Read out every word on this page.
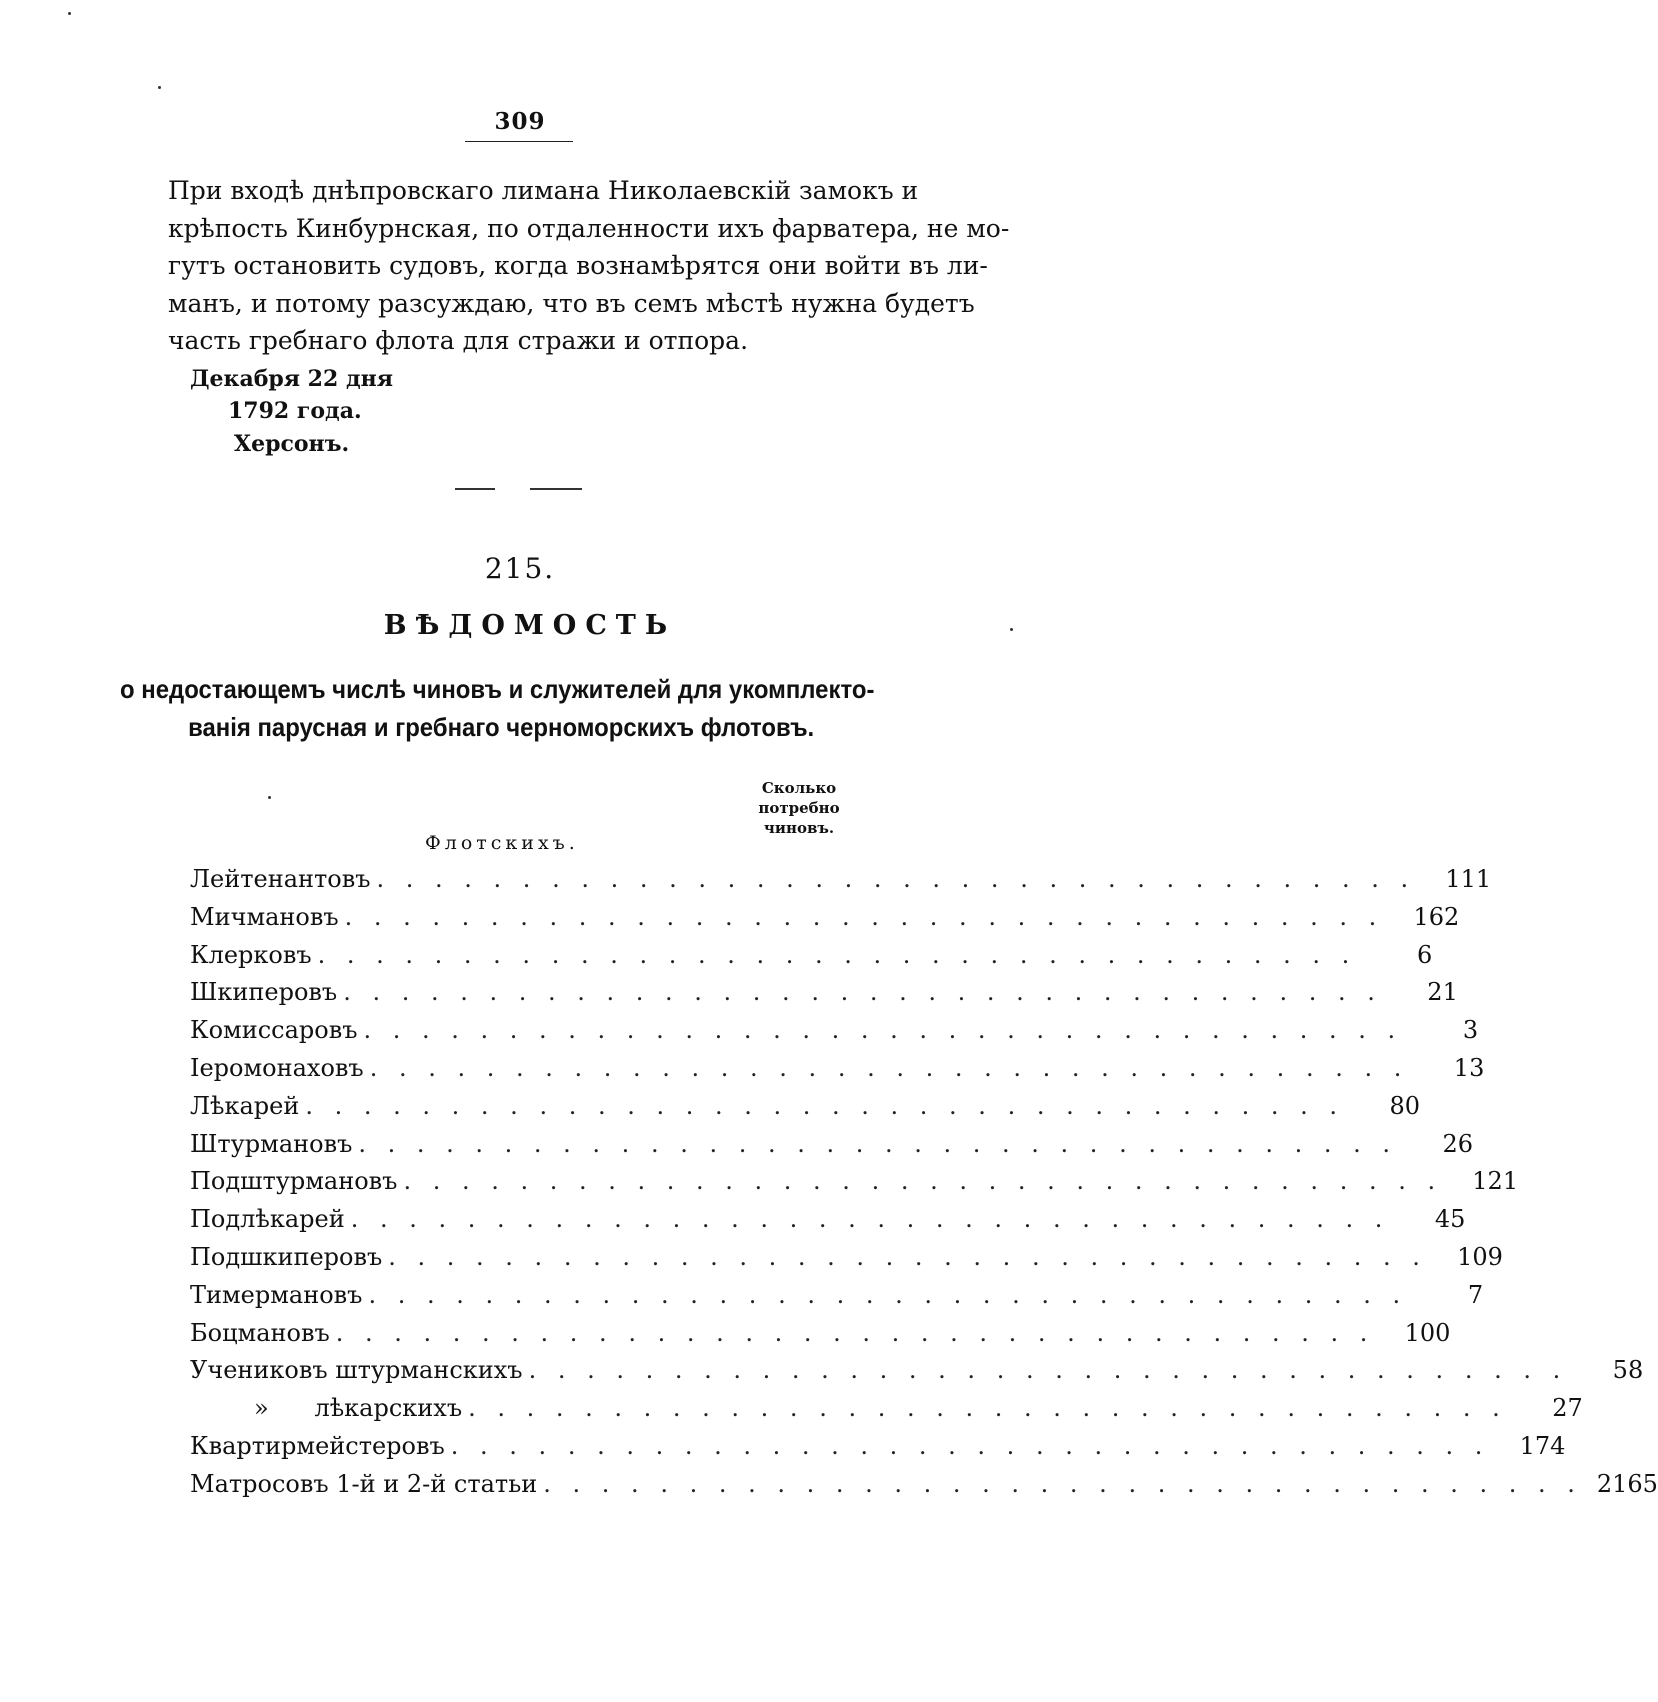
309
При входѣ днѣпровскаго лимана Николаевскій замокъ и
крѣпость Кинбурнская, по отдаленности ихъ фарватера, не мо-
гутъ остановить судовъ, когда вознамѣрятся они войти въ ли-
манъ, и потому разсуждаю, что въ семъ мѣстѣ нужна будетъ
часть гребнаго флота для стражи и отпора.
Декабря 22 дня
1792 года.
Херсонъ.
215.
ВѢДОМОСТЬ
о недостающемъ числѣ чиновъ и служителей для укомплекто-
ванія парусная и гребнаго черноморскихъ флотовъ.
Сколько
потребно
чиновъ.
Флотскихъ.
Лейтенантовъ . . . . . . . . . . . . . . . . . . . . . . . . . . . . . . . . . . . .	111
Мичмановъ . . . . . . . . . . . . . . . . . . . . . . . . . . . . . . . . . . . .	162
Клерковъ . . . . . . . . . . . . . . . . . . . . . . . . . . . . . . . . . . . .	6
Шкиперовъ . . . . . . . . . . . . . . . . . . . . . . . . . . . . . . . . . . . .	21
Комиссаровъ . . . . . . . . . . . . . . . . . . . . . . . . . . . . . . . . . . . .	3
Іеромонаховъ . . . . . . . . . . . . . . . . . . . . . . . . . . . . . . . . . . . .	13
Лѣкарей . . . . . . . . . . . . . . . . . . . . . . . . . . . . . . . . . . . .	80
Штурмановъ . . . . . . . . . . . . . . . . . . . . . . . . . . . . . . . . . . . .	26
Подштурмановъ . . . . . . . . . . . . . . . . . . . . . . . . . . . . . . . . . . . .	121
Подлѣкарей . . . . . . . . . . . . . . . . . . . . . . . . . . . . . . . . . . . .	45
Подшкиперовъ . . . . . . . . . . . . . . . . . . . . . . . . . . . . . . . . . . . .	109
Тимермановъ . . . . . . . . . . . . . . . . . . . . . . . . . . . . . . . . . . . .	7
Боцмановъ . . . . . . . . . . . . . . . . . . . . . . . . . . . . . . . . . . . .	100
Учениковъ штурманскихъ . . . . . . . . . . . . . . . . . . . . . . . . . . . . . . . . . . . .	58
»      лѣкарскихъ . . . . . . . . . . . . . . . . . . . . . . . . . . . . . . . . . . . .	27
Квартирмейстеровъ . . . . . . . . . . . . . . . . . . . . . . . . . . . . . . . . . . . .	174
Матросовъ 1-й и 2-й статьи . . . . . . . . . . . . . . . . . . . . . . . . . . . . . . . . . . . . 2165
